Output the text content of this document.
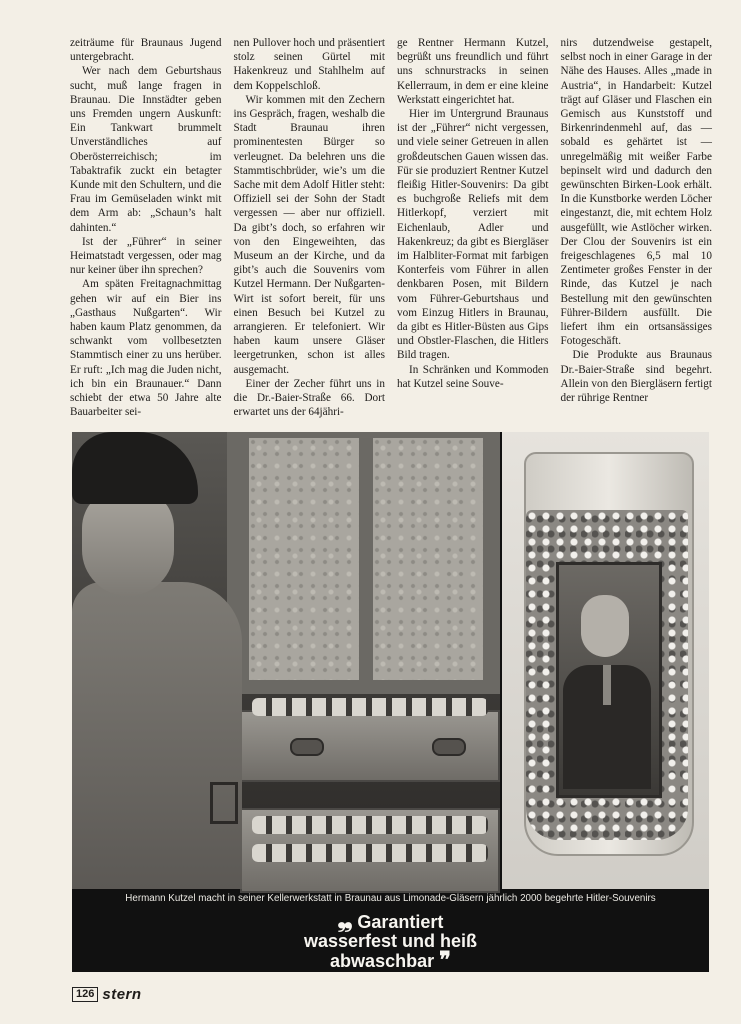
zeiträume für Braunaus Jugend untergebracht.

Wer nach dem Geburtshaus sucht, muß lange fragen in Braunau. Die Innstädter geben uns Fremden ungern Auskunft: Ein Tankwart brummelt Unverständliches auf Oberösterreichisch; im Tabaktrafik zuckt ein betagter Kunde mit den Schultern, und die Frau im Gemüseladen winkt mit dem Arm ab: „Schaun’s halt dahinten.“

Ist der „Führer“ in seiner Heimatstadt vergessen, oder mag nur keiner über ihn sprechen?

Am späten Freitagnachmittag gehen wir auf ein Bier ins „Gasthaus Nußgarten“. Wir haben kaum Platz genommen, da schwankt vom vollbesetzten Stammtisch einer zu uns herüber. Er ruft: „Ich mag die Juden nicht, ich bin ein Braunauer.“ Dann schiebt der etwa 50 Jahre alte Bauarbeiter sei-

nen Pullover hoch und präsentiert stolz seinen Gürtel mit Hakenkreuz und Stahlhelm auf dem Koppelschloß.

Wir kommen mit den Zechern ins Gespräch, fragen, weshalb die Stadt Braunau ihren prominentesten Bürger so verleugnet. Da belehren uns die Stammtischbrüder, wie’s um die Sache mit dem Adolf Hitler steht: Offiziell sei der Sohn der Stadt vergessen — aber nur offiziell. Da gibt’s doch, so erfahren wir von den Eingeweihten, das Museum an der Kirche, und da gibt’s auch die Souvenirs vom Kutzel Hermann. Der Nußgarten-Wirt ist sofort bereit, für uns einen Besuch bei Kutzel zu arrangieren. Er telefoniert. Wir haben kaum unsere Gläser leergetrunken, schon ist alles ausgemacht.

Einer der Zecher führt uns in die Dr.-Baier-Straße 66. Dort erwartet uns der 64jähri-

ge Rentner Hermann Kutzel, begrüßt uns freundlich und führt uns schnurstracks in seinen Kellerraum, in dem er eine kleine Werkstatt eingerichtet hat.

Hier im Untergrund Braunaus ist der „Führer“ nicht vergessen, und viele seiner Getreuen in allen großdeutschen Gauen wissen das. Für sie produziert Rentner Kutzel fleißig Hitler-Souvenirs: Da gibt es buchgroße Reliefs mit dem Hitlerkopf, verziert mit Eichenlaub, Adler und Hakenkreuz; da gibt es Biergläser im Halbliter-Format mit farbigen Konterfeis vom Führer in allen denkbaren Posen, mit Bildern vom Führer-Geburtshaus und vom Einzug Hitlers in Braunau, da gibt es Hitler-Büsten aus Gips und Obstler-Flaschen, die Hitlers Bild tragen.

In Schränken und Kommoden hat Kutzel seine Souve-

nirs dutzendweise gestapelt, selbst noch in einer Garage in der Nähe des Hauses. Alles „made in Austria“, in Handarbeit: Kutzel trägt auf Gläser und Flaschen ein Gemisch aus Kunststoff und Birkenrindenmehl auf, das — sobald es gehärtet ist — unregelmäßig mit weißer Farbe bepinselt wird und dadurch den gewünschten Birken-Look erhält. In die Kunstborke werden Löcher eingestanzt, die, mit echtem Holz ausgefüllt, wie Astlöcher wirken. Der Clou der Souvenirs ist ein freigeschlagenes 6,5 mal 10 Zentimeter großes Fenster in der Rinde, das Kutzel je nach Bestellung mit den gewünschten Führer-Bildern ausfüllt. Die liefert ihm ein ortsansässiges Fotogeschäft.

Die Produkte aus Braunaus Dr.-Baier-Straße sind begehrt. Allein von den Biergläsern fertigt der rührige Rentner

Hermann Kutzel macht in seiner Kellerwerkstatt in Braunau aus Limonade-Gläsern jährlich 2000 begehrte Hitler-Souvenirs
❠ Garantiert
wasserfest und heiß
abwaschbar ❞
126 stern
